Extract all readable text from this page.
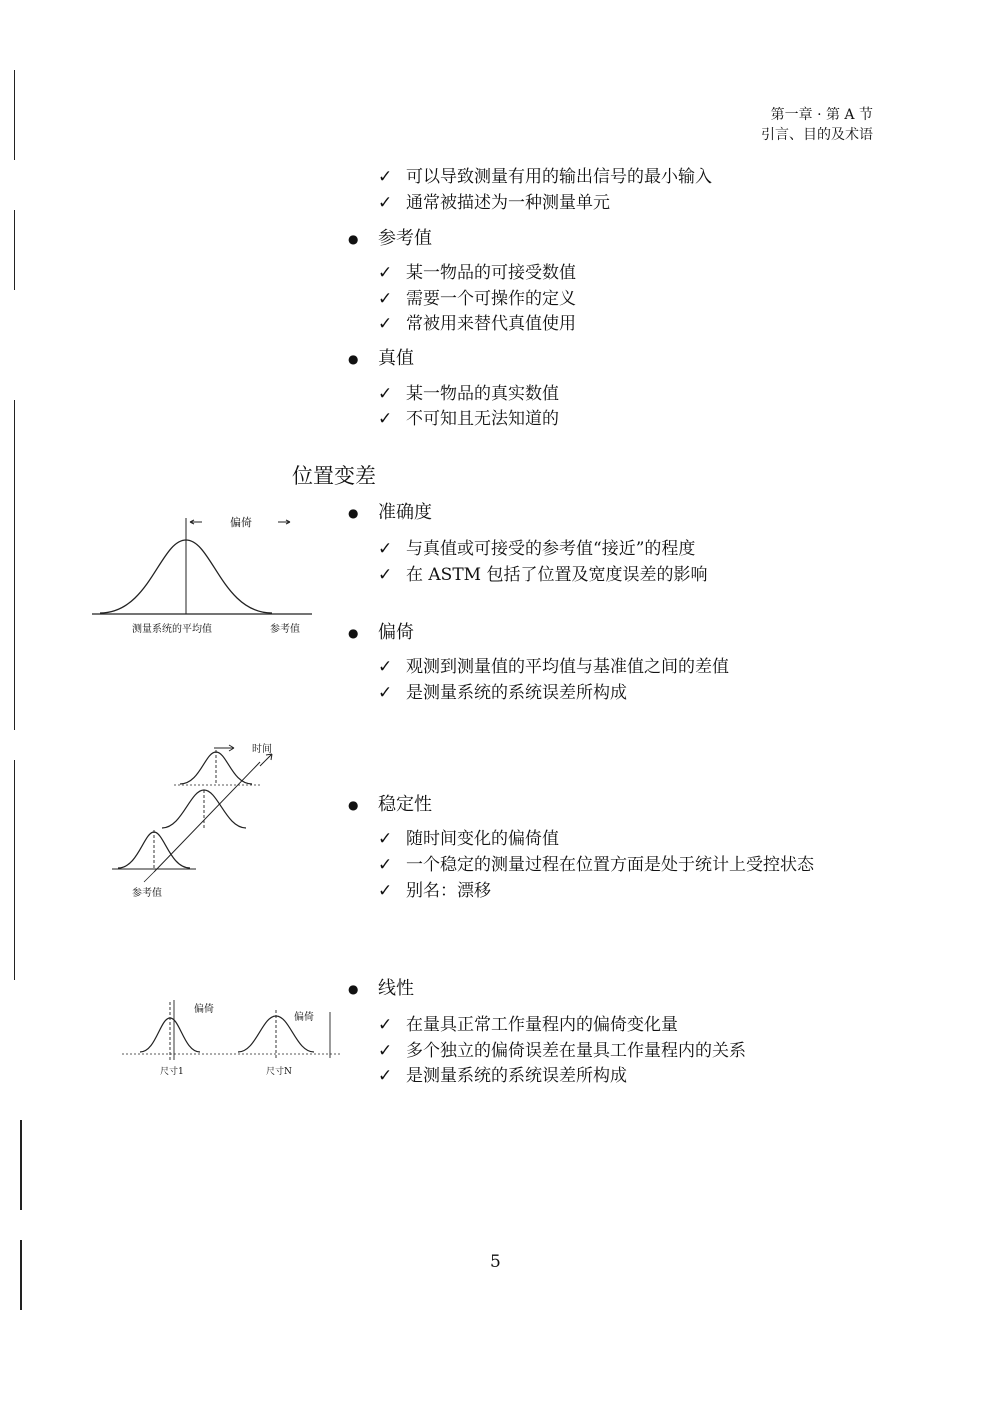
第一章 · 第 A 节
引言、目的及术语
✓ 可以导致测量有用的输出信号的最小输入
✓ 通常被描述为一种测量单元
● 参考值
✓ 某一物品的可接受数值
✓ 需要一个可操作的定义
✓ 常被用来替代真值使用
● 真值
✓ 某一物品的真实数值
✓ 不可知且无法知道的
位置变差
● 准确度
✓ 与真值或可接受的参考值“接近”的程度
✓ 在 ASTM 包括了位置及宽度误差的影响
● 偏倚
✓ 观测到测量值的平均值与基准值之间的差值
✓ 是测量系统的系统误差所构成
● 稳定性
✓ 随时间变化的偏倚值
✓ 一个稳定的测量过程在位置方面是处于统计上受控状态
✓ 别名：漂移
● 线性
✓ 在量具正常工作量程内的偏倚变化量
✓ 多个独立的偏倚误差在量具工作量程内的关系
✓ 是测量系统的系统误差所构成
偏倚
测量系统的平均值	参考值
时间
参考值
偏倚
偏倚
尺寸1	尺寸N
5
